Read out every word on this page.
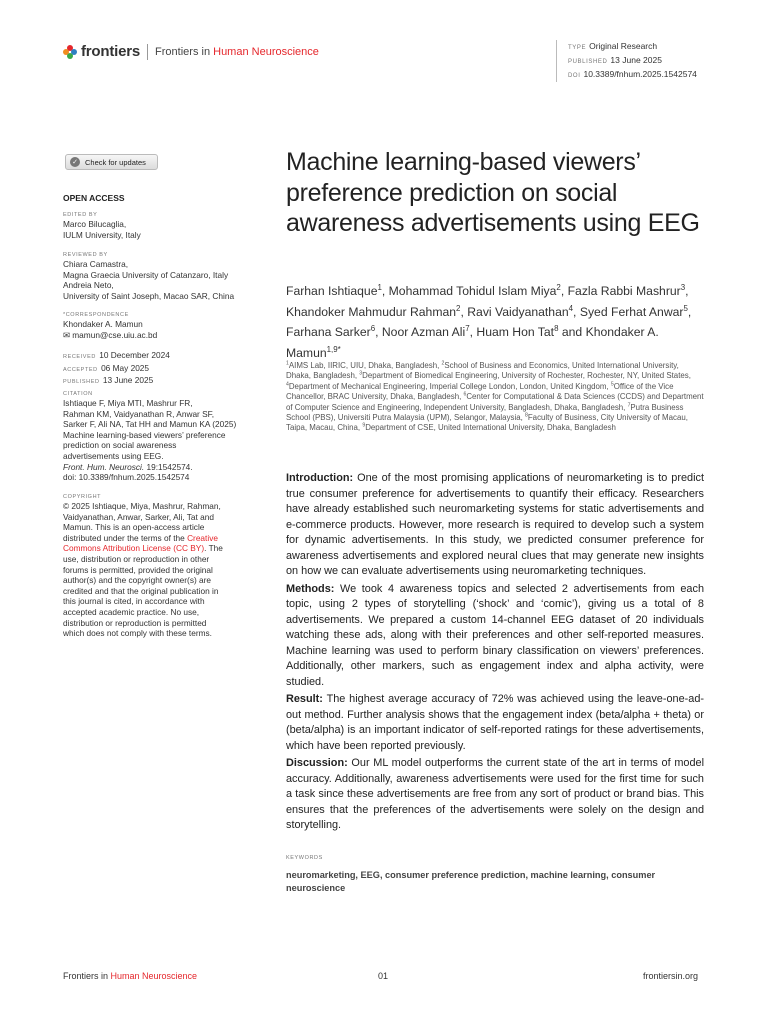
frontiers Frontiers in Human Neuroscience	TYPE Original Research
PUBLISHED 13 June 2025
DOI 10.3389/fnhum.2025.1542574
✓ Check for updates
OPEN ACCESS
EDITED BY
Marco Bilucaglia,
IULM University, Italy
REVIEWED BY
Chiara Camastra,
Magna Graecia University of Catanzaro, Italy
Andreia Neto,
University of Saint Joseph, Macao SAR, China
*CORRESPONDENCE
Khondaker A. Mamun
✉ mamun@cse.uiu.ac.bd
RECEIVED 10 December 2024
ACCEPTED 06 May 2025
PUBLISHED 13 June 2025
CITATION
Ishtiaque F, Miya MTI, Mashrur FR,
Rahman KM, Vaidyanathan R, Anwar SF,
Sarker F, Ali NA, Tat HH and Mamun KA (2025)
Machine learning-based viewers’ preference
prediction on social awareness
advertisements using EEG.
Front. Hum. Neurosci. 19:1542574.
doi: 10.3389/fnhum.2025.1542574
COPYRIGHT
© 2025 Ishtiaque, Miya, Mashrur, Rahman,
Vaidyanathan, Anwar, Sarker, Ali, Tat and
Mamun. This is an open-access article
distributed under the terms of the Creative
Commons Attribution License (CC BY). The
use, distribution or reproduction in other
forums is permitted, provided the original
author(s) and the copyright owner(s) are
credited and that the original publication in
this journal is cited, in accordance with
accepted academic practice. No use,
distribution or reproduction is permitted
which does not comply with these terms.
Machine learning-based viewers’ preference prediction on social awareness advertisements using EEG
Farhan Ishtiaque$^1$, Mohammad Tohidul Islam Miya$^2$, Fazla Rabbi Mashrur$^3$, Khandoker Mahmudur Rahman$^2$, Ravi Vaidyanathan$^4$, Syed Ferhat Anwar$^5$, Farhana Sarker$^6$, Noor Azman Ali$^7$, Huam Hon Tat$^8$ and Khondaker A. Mamun$^{1,9*}$
$^1$AIMS Lab, IIRIC, UIU, Dhaka, Bangladesh, $^2$School of Business and Economics, United International University, Dhaka, Bangladesh, $^3$Department of Biomedical Engineering, University of Rochester, Rochester, NY, United States, $^4$Department of Mechanical Engineering, Imperial College London, London, United Kingdom, $^5$Office of the Vice Chancellor, BRAC University, Dhaka, Bangladesh, $^6$Center for Computational & Data Sciences (CCDS) and Department of Computer Science and Engineering, Independent University, Bangladesh, Dhaka, Bangladesh, $^7$Putra Business School (PBS), Universiti Putra Malaysia (UPM), Selangor, Malaysia, $^8$Faculty of Business, City University of Macau, Taipa, Macau, China, $^9$Department of CSE, United International University, Dhaka, Bangladesh

Introduction: One of the most promising applications of neuromarketing is to predict true consumer preference for advertisements to quantify their efficacy. Researchers have already established such neuromarketing systems for static advertisements and e-commerce products. However, more research is required to develop such a system for dynamic advertisements. In this study, we predicted consumer preference for awareness advertisements and explored neural clues that may generate new insights on how we can evaluate advertisements using neuromarketing techniques.

Methods: We took 4 awareness topics and selected 2 advertisements from each topic, using 2 types of storytelling (‘shock’ and ‘comic’), giving us a total of 8 advertisements. We prepared a custom 14-channel EEG dataset of 20 individuals watching these ads, along with their preferences and other self-reported measures. Machine learning was used to perform binary classification on viewers’ preferences. Additionally, other markers, such as engagement index and alpha activity, were studied.

Result: The highest average accuracy of 72% was achieved using the leave-one-ad-out method. Further analysis shows that the engagement index (beta/alpha + theta) or (beta/alpha) is an important indicator of self-reported ratings for these advertisements, which have been reported previously.

Discussion: Our ML model outperforms the current state of the art in terms of model accuracy. Additionally, awareness advertisements were used for the first time for such a task since these advertisements are free from any sort of product or brand bias. This ensures that the preferences of the advertisements were solely on the design and storytelling.

KEYWORDS
neuromarketing, EEG, consumer preference prediction, machine learning, consumer neuroscience
Frontiers in Human Neuroscience	01	frontiersin.org
